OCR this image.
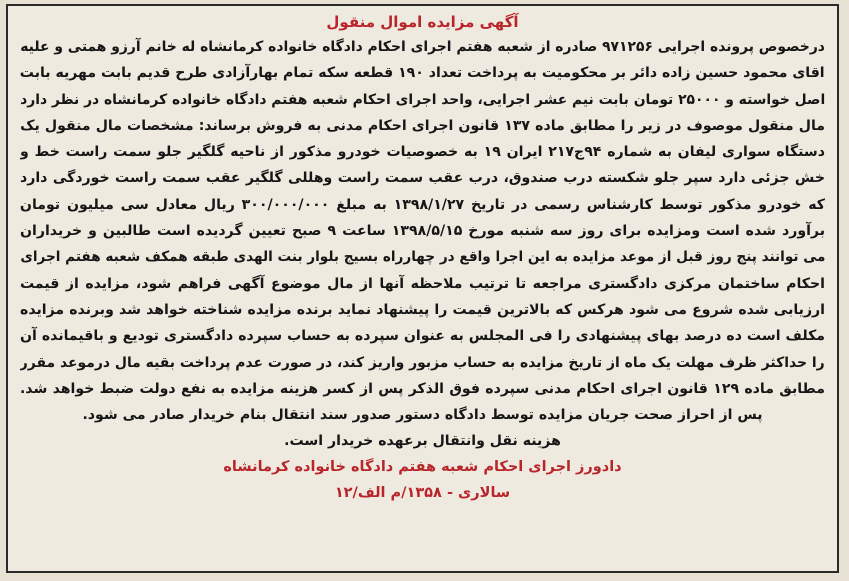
آگهی مزایده اموال منقول
درخصوص پرونده اجرایی ۹۷۱۲۵۶ صادره از شعبه هفتم اجرای احکام دادگاه خانواده کرمانشاه له خانم آرزو همتی و علیه
اقای محمود حسین زاده دائر بر محکومیت به پرداخت تعداد ۱۹۰ قطعه سکه تمام بهارآزادی طرح قدیم بابت مهریه بابت
اصل خواسته و ۲۵۰۰۰ تومان بابت نیم عشر اجرایی، واحد اجرای احکام شعبه هفتم دادگاه خانواده کرمانشاه در نظر دارد
مال منقول موصوف در زیر را مطابق ماده ۱۳۷ قانون اجرای احکام مدنی به فروش برساند: مشخصات مال منقول یک
دستگاه سواری لیفان به شماره ۹۴ج۲۱۷ ایران ۱۹ به خصوصیات خودرو مذکور از ناحیه گلگیر جلو سمت راست خط و
خش جزئی دارد سپر جلو شکسته درب صندوق، درب عقب سمت راست وهللی گلگیر عقب سمت راست خوردگی دارد
که خودرو مذکور توسط کارشناس رسمی در تاریخ ۱۳۹۸/۱/۲۷ به مبلغ ۳۰۰/۰۰۰/۰۰۰ ریال معادل سی میلیون تومان
برآورد شده است ومزایده برای روز سه شنبه مورخ ۱۳۹۸/۵/۱۵ ساعت ۹ صبح تعیین گردیده است طالبین و خریداران
می توانند پنج روز قبل از موعد مزایده به این اجرا واقع در چهارراه بسیج بلوار بنت الهدی طبقه همکف شعبه هفتم اجرای
احکام ساختمان مرکزی دادگستری مراجعه تا ترتیب ملاحظه آنها از مال موضوع آگهی فراهم شود، مزایده از قیمت
ارزیابی شده شروع می شود هرکس که بالاترین قیمت را پیشنهاد نماید برنده مزایده شناخته خواهد شد وبرنده مزایده
مکلف است ده درصد بهای پیشنهادی را فی المجلس به عنوان سپرده به حساب سپرده دادگستری تودیع و باقیمانده آن
را حداکثر ظرف مهلت یک ماه از تاریخ مزایده به حساب مزبور واریز کند، در صورت عدم پرداخت بقیه مال درموعد مقرر
مطابق ماده ۱۲۹ قانون اجرای احکام مدنی سپرده فوق الذکر پس از کسر هزینه مزایده به نفع دولت ضبط خواهد شد.
پس از احراز صحت جریان مزایده توسط دادگاه دستور صدور سند انتقال بنام خریدار صادر می شود.
هزینه نقل وانتقال برعهده خریدار است.
دادورز اجرای احکام شعبه هفتم دادگاه خانواده کرمانشاه
سالاری - ۱۳۵۸/م الف/۱۲
